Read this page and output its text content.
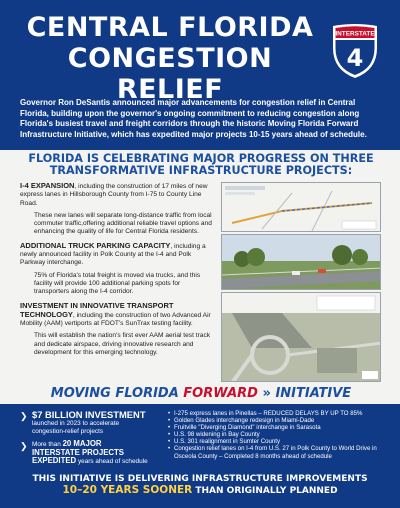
CENTRAL FLORIDA
CONGESTION RELIEF
INTERSTATE
4

Governor Ron DeSantis announced major advancements for congestion relief in Central Florida, building upon the governor's ongoing commitment to reducing congestion along Florida's busiest travel and freight corridors through the historic Moving Florida Forward Infrastructure Initiative, which has expedited major projects 10-15 years ahead of schedule.

FLORIDA IS CELEBRATING MAJOR PROGRESS ON THREE TRANSFORMATIVE INFRASTRUCTURE PROJECTS:

I-4 EXPANSION, including the construction of 17 miles of new express lanes in Hillsborough County from I-75 to County Line Road.

These new lanes will separate long-distance traffic from local commuter traffic,offering additional reliable travel options and enhancing the quality of life for Central Florida residents.

ADDITIONAL TRUCK PARKING CAPACITY, including a newly announced facility in Polk County at the I-4 and Polk Parkway interchange.

75% of Florida's total freight is moved via trucks, and this facility will provide 100 additional parking spots for transporters along the I-4 corridor.

INVESTMENT IN INNOVATIVE TRANSPORT TECHNOLOGY, including the construction of two Advanced Air Mobility (AAM) vertiports at FDOT's SunTrax testing facility.

This will establish the nation's first ever AAM aerial test track and dedicate airspace, driving innovative research and development for this emerging technology.

MOVING FLORIDA FORWARD » INITIATIVE
❯ $7 BILLION INVESTMENT
launched in 2023 to accelerate congestion-relief projects
❯ More than 20 MAJOR INTERSTATE PROJECTS EXPEDITED years ahead of schedule
• I-275 express lanes in Pinellas – REDUCED DELAYS BY UP TO 85%
• Golden Glades interchange redesign in Miami-Dade
• Fruitville "Diverging Diamond" interchange in Sarasota
• U.S. 98 widening in Bay County
• U.S. 301 realignment in Sumter County
• Congestion relief lanes on I-4 from U.S. 27 in Polk County to World Drive in Osceola County – Completed 8 months ahead of schedule
THIS INITIATIVE IS DELIVERING INFRASTRUCTURE IMPROVEMENTS
10–20 YEARS SOONER THAN ORIGINALLY PLANNED
